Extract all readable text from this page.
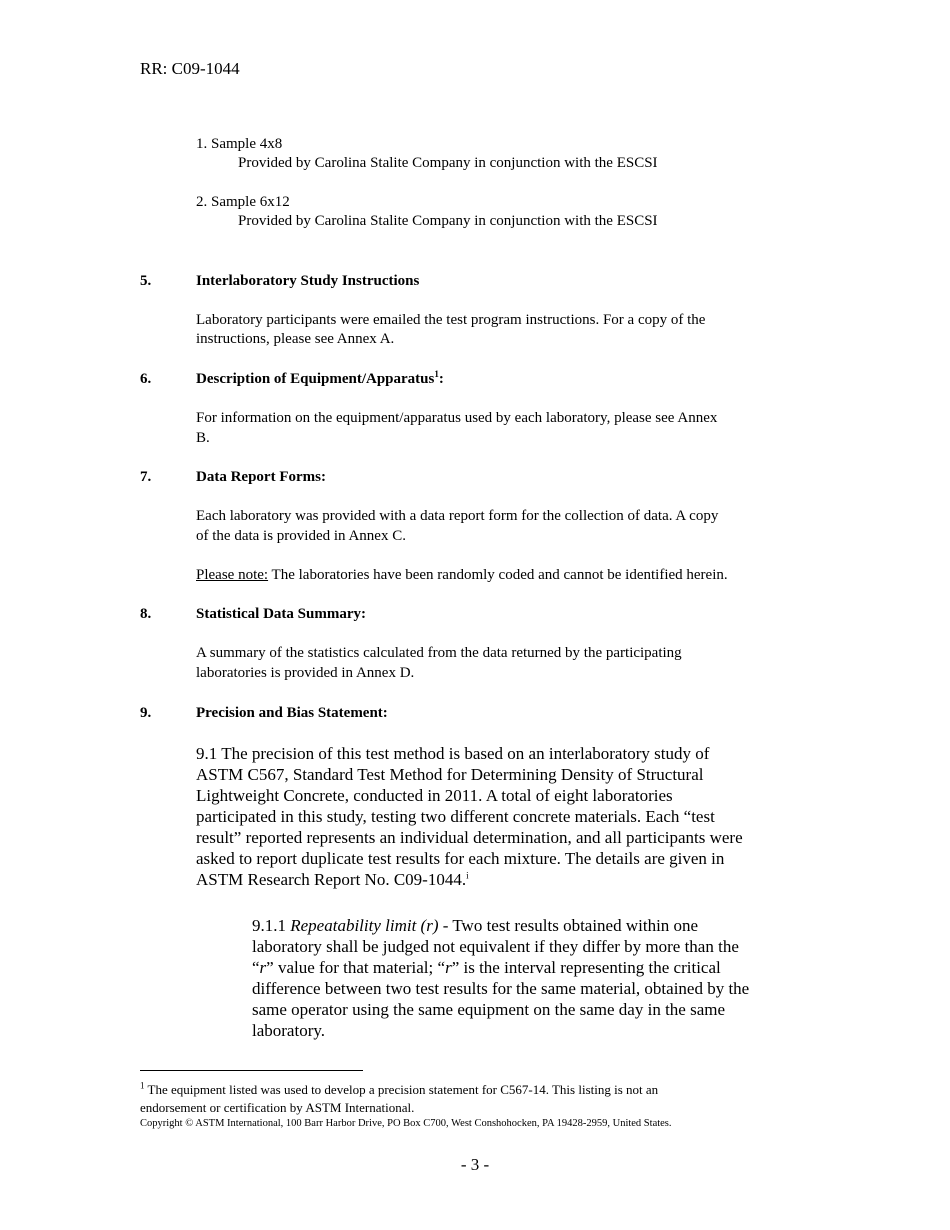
RR: C09-1044
1. Sample 4x8
Provided by Carolina Stalite Company in conjunction with the ESCSI
2. Sample 6x12
Provided by Carolina Stalite Company in conjunction with the ESCSI
5.	Interlaboratory Study Instructions
Laboratory participants were emailed the test program instructions. For a copy of the
instructions, please see Annex A.
6.	Description of Equipment/Apparatus$^1$:
For information on the equipment/apparatus used by each laboratory, please see Annex
B.
7.	Data Report Forms:
Each laboratory was provided with a data report form for the collection of data. A copy
of the data is provided in Annex C.
Please note: The laboratories have been randomly coded and cannot be identified herein.
8.	Statistical Data Summary:
A summary of the statistics calculated from the data returned by the participating
laboratories is provided in Annex D.
9.	Precision and Bias Statement:
9.1 The precision of this test method is based on an interlaboratory study of
ASTM C567, Standard Test Method for Determining Density of Structural
Lightweight Concrete, conducted in 2011. A total of eight laboratories
participated in this study, testing two different concrete materials. Each “test
result” reported represents an individual determination, and all participants were
asked to report duplicate test results for each mixture. The details are given in
ASTM Research Report No. C09-1044.$^i$
9.1.1 Repeatability limit (r) - Two test results obtained within one
laboratory shall be judged not equivalent if they differ by more than the
“r” value for that material; “r” is the interval representing the critical
difference between two test results for the same material, obtained by the
same operator using the same equipment on the same day in the same
laboratory.
$^1$ The equipment listed was used to develop a precision statement for C567-14. This listing is not an
endorsement or certification by ASTM International.
Copyright © ASTM International, 100 Barr Harbor Drive, PO Box C700, West Conshohocken, PA 19428-2959, United States.
- 3 -
